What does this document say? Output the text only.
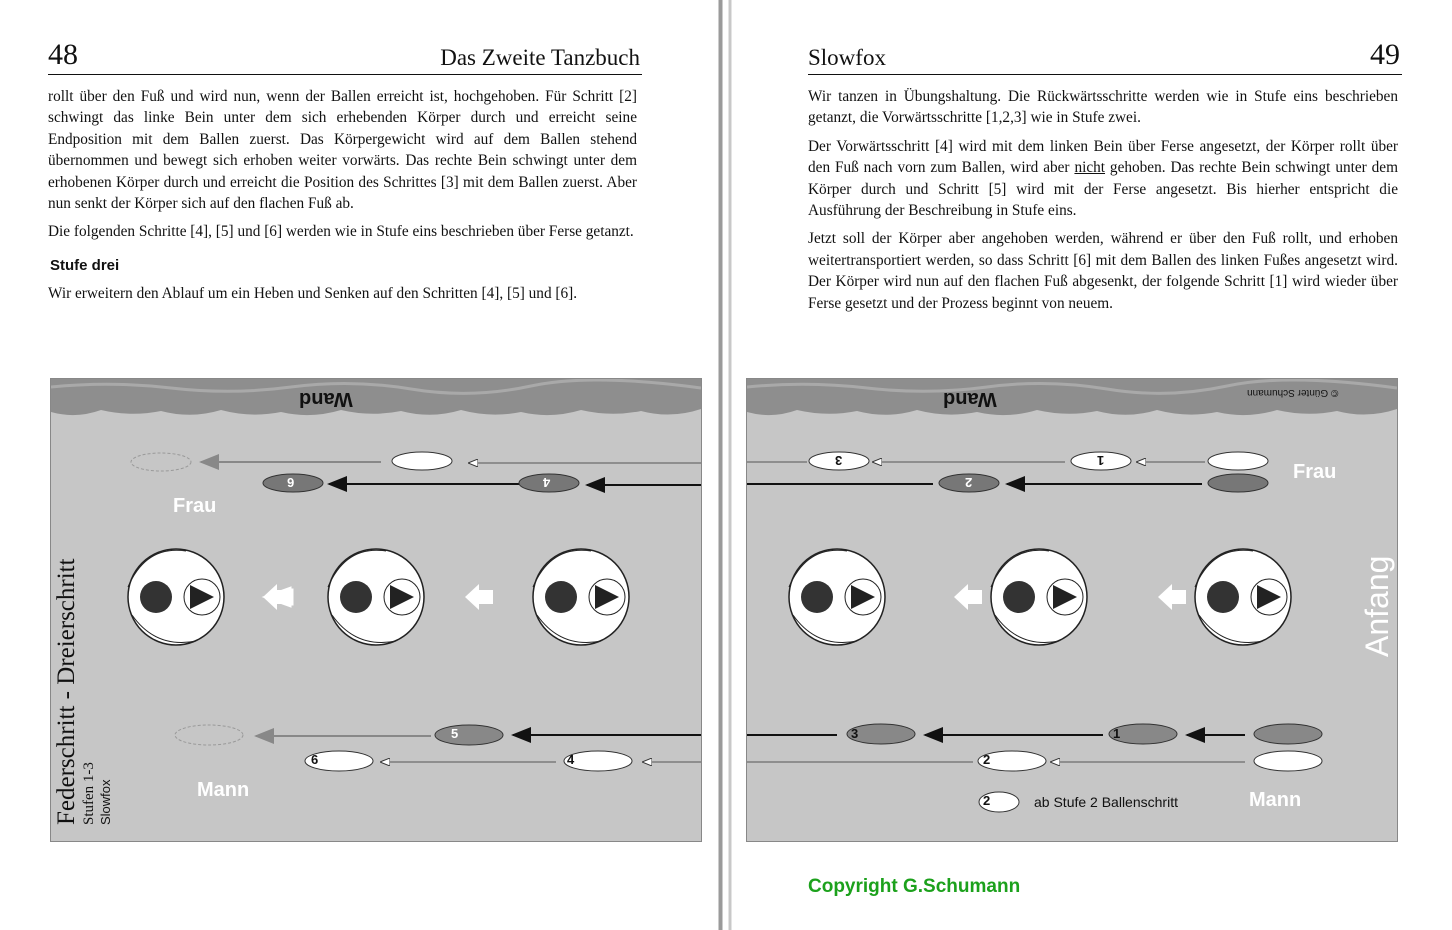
48	Das Zweite Tanzbuch

rollt über den Fuß und wird nun, wenn der Ballen erreicht ist, hochgehoben. Für Schritt [2] schwingt das linke Bein unter dem sich erhebenden Körper durch und erreicht seine Endposition mit dem Ballen zuerst. Das Körpergewicht wird auf dem Ballen stehend übernommen und bewegt sich erhoben weiter vorwärts. Das rechte Bein schwingt unter dem erhobenen Körper durch und erreicht die Position des Schrittes [3] mit dem Ballen zuerst. Aber nun senkt der Körper sich auf den flachen Fuß ab.

Die folgenden Schritte [4], [5] und [6] werden wie in Stufe eins beschrieben über Ferse getanzt.

Stufe drei

Wir erweitern den Ablauf um ein Heben und Senken auf den Schritten [4], [5] und [6].

Wand
6	4
Frau
5
6	4
Mann
Federschritt - Dreierschritt Stufen 1-3 Slowfox
Slowfox	49

Wir tanzen in Übungshaltung. Die Rückwärtsschritte werden wie in Stufe eins beschrieben getanzt, die Vorwärtsschritte [1,2,3] wie in Stufe zwei.

Der Vorwärtsschritt [4] wird mit dem linken Bein über Ferse angesetzt, der Körper rollt über den Fuß nach vorn zum Ballen, wird aber nicht gehoben. Das rechte Bein schwingt unter dem Körper durch und Schritt [5] wird mit der Ferse angesetzt. Bis hierher entspricht die Ausführung der Beschreibung in Stufe eins.

Jetzt soll der Körper aber angehoben werden, während er über den Fuß rollt, und erhoben weitertransportiert werden, so dass Schritt [6] mit dem Ballen des linken Fußes angesetzt wird. Der Körper wird nun auf den flachen Fuß abgesenkt, der folgende Schritt [1] wird wieder über Ferse gesetzt und der Prozess beginnt von neuem.

Wand	© Günter Schumann
3	1
2	Frau
Anfang
3	1
2
2	ab Stufe 2 Ballenschritt	Mann
Copyright G.Schumann
